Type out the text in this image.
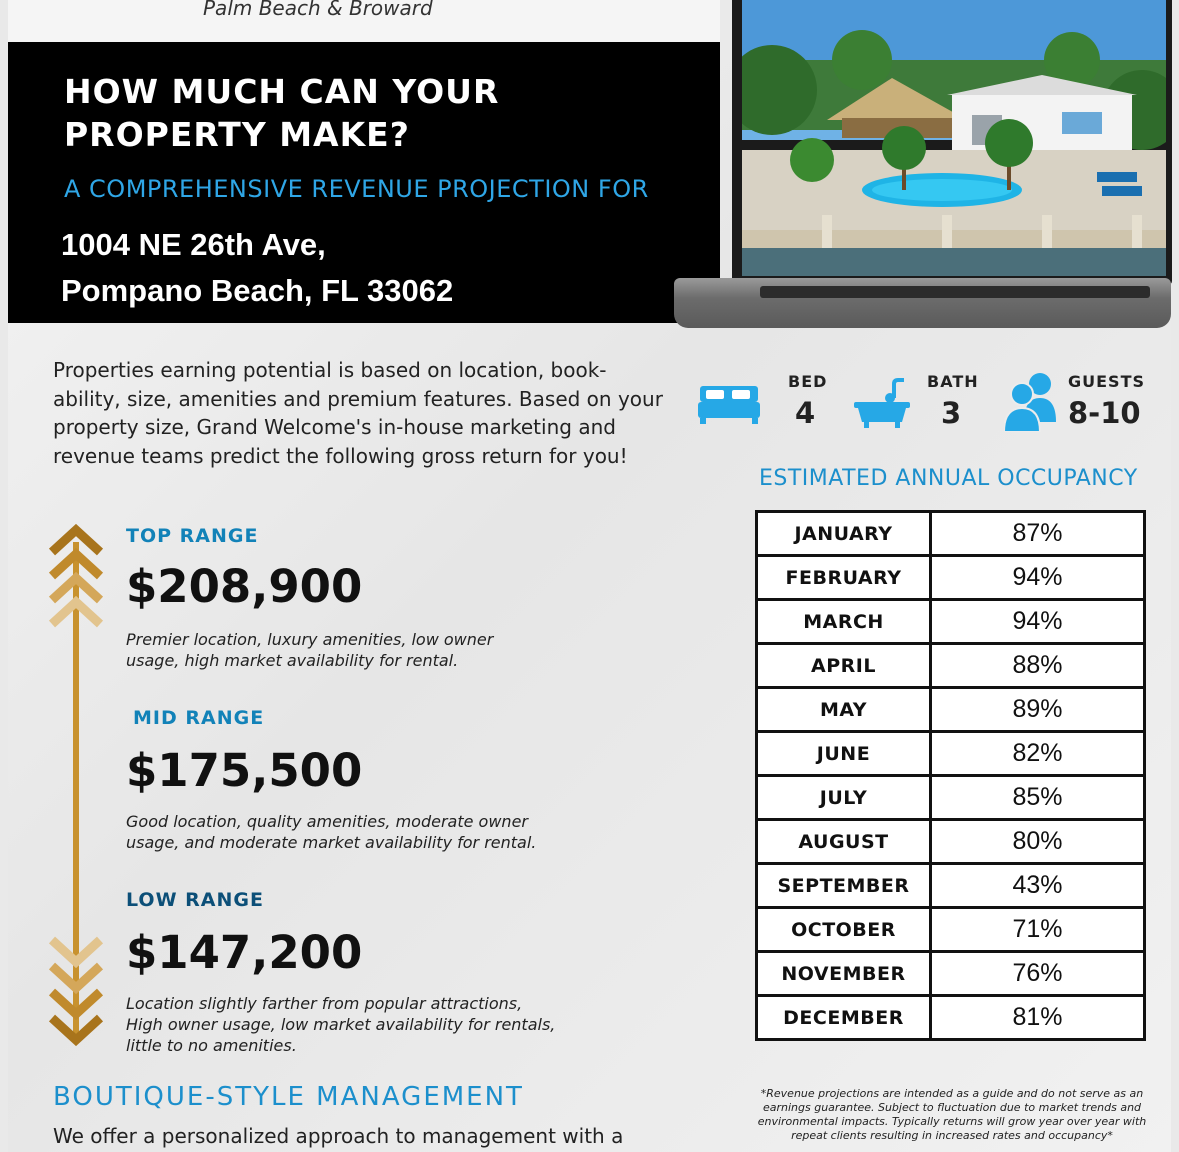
Palm Beach & Broward
HOW MUCH CAN YOUR
PROPERTY MAKE?
A COMPREHENSIVE REVENUE PROJECTION FOR
1004 NE 26th Ave,
Pompano Beach, FL 33062

Properties earning potential is based on location, book-ability, size, amenities and premium features. Based on your property size, Grand Welcome's in-house marketing and revenue teams predict the following gross return for you!

BED
4
BATH
3
GUESTS
8-10
ESTIMATED ANNUAL OCCUPANCY
JANUARY	87%
FEBRUARY	94%
MARCH	94%
APRIL	88%
MAY	89%
JUNE	82%
JULY	85%
AUGUST	80%
SEPTEMBER	43%
OCTOBER	71%
NOVEMBER	76%
DECEMBER	81%
*Revenue projections are intended as a guide and do not serve as an earnings guarantee. Subject to fluctuation due to market trends and environmental impacts. Typically returns will grow year over year with repeat clients resulting in increased rates and occupancy*
TOP RANGE
$208,900
Premier location, luxury amenities, low owner
usage, high market availability for rental.
MID RANGE
$175,500
Good location, quality amenities, moderate owner
usage, and moderate market availability for rental.
LOW RANGE
$147,200
Location slightly farther from popular attractions,
High owner usage, low market availability for rentals,
little to no amenities.
BOUTIQUE-STYLE MANAGEMENT
We offer a personalized approach to management with a
